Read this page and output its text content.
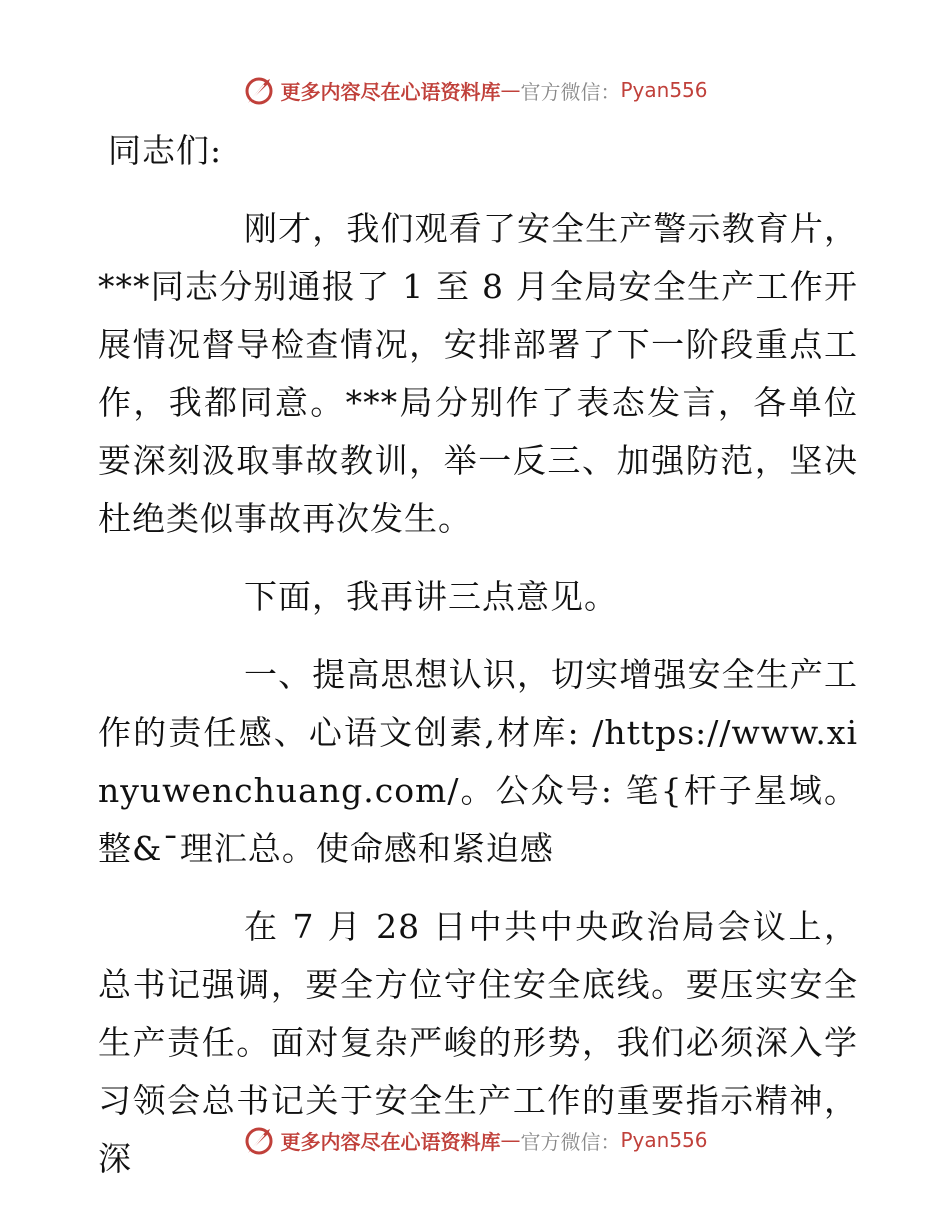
更多内容尽在心语资料库 — 官方微信： Pyan556

同志们:

刚才，我们观看了安全生产警示教育片，***同志分别通报了 1 至 8 月全局安全生产工作开展情况督导检查情况，安排部署了下一阶段重点工作，我都同意。***局分别作了表态发言，各单位要深刻汲取事故教训，举一反三、加强防范，坚决杜绝类似事故再次发生。

下面，我再讲三点意见。

一、提高思想认识，切实增强安全生产工作的责任感、心语文创素,材库: /https://www.xinyuwenchuang.com/。公众号: 笔{杆子星域。整&¯理汇总。使命感和紧迫感

在 7 月 28 日中共中央政治局会议上，总书记强调，要全方位守住安全底线。要压实安全生产责任。面对复杂严峻的形势，我们必须深入学习领会总书记关于安全生产工作的重要指示精神，深	更多内容尽在心语资料库 — 官方微信： Pyan556
